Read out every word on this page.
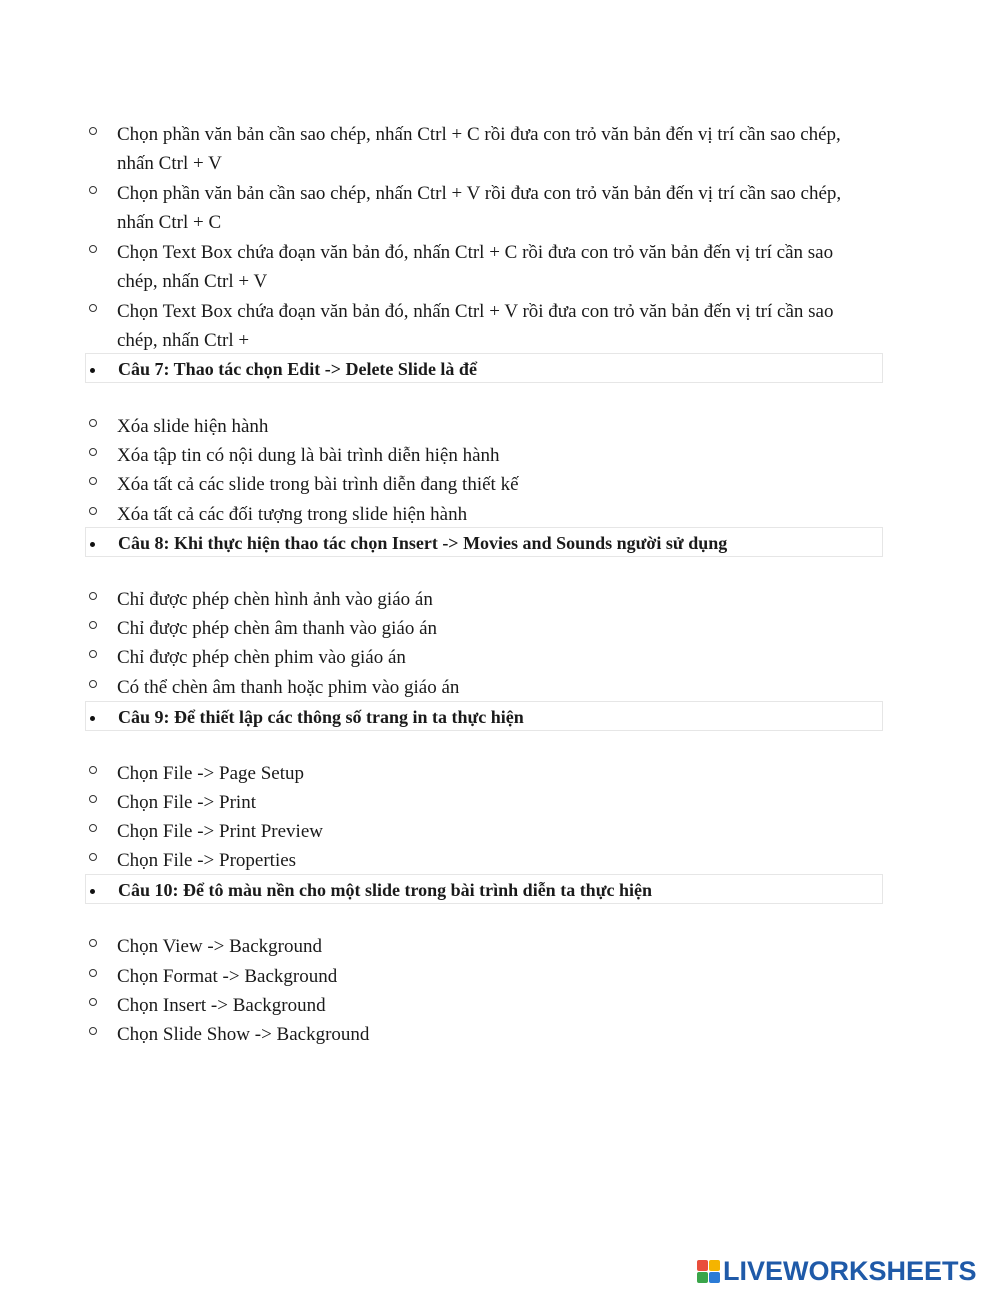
Chọn phần văn bản cần sao chép, nhấn Ctrl + C rồi đưa con trỏ văn bản đến vị trí cần sao chép, nhấn Ctrl + V
Chọn phần văn bản cần sao chép, nhấn Ctrl + V rồi đưa con trỏ văn bản đến vị trí cần sao chép, nhấn Ctrl + C
Chọn Text Box chứa đoạn văn bản đó, nhấn Ctrl + C rồi đưa con trỏ văn bản đến vị trí cần sao chép, nhấn Ctrl + V
Chọn Text Box chứa đoạn văn bản đó, nhấn Ctrl + V rồi đưa con trỏ văn bản đến vị trí cần sao chép, nhấn Ctrl +
Câu 7: Thao tác chọn Edit -> Delete Slide là để
Xóa slide hiện hành
Xóa tập tin có nội dung là bài trình diễn hiện hành
Xóa tất cả các slide trong bài trình diễn đang thiết kế
Xóa tất cả các đối tượng trong slide hiện hành
Câu 8: Khi thực hiện thao tác chọn Insert -> Movies and Sounds người sử dụng
Chỉ được phép chèn hình ảnh vào giáo án
Chỉ được phép chèn âm thanh vào giáo án
Chỉ được phép chèn phim vào giáo án
Có thể chèn âm thanh hoặc phim vào giáo án
Câu 9: Để thiết lập các thông số trang in ta thực hiện
Chọn File -> Page Setup
Chọn File -> Print
Chọn File -> Print Preview
Chọn File -> Properties
Câu 10: Để tô màu nền cho một slide trong bài trình diễn ta thực hiện
Chọn View -> Background
Chọn Format -> Background
Chọn Insert -> Background
Chọn Slide Show -> Background
LIVEWORKSHEETS
